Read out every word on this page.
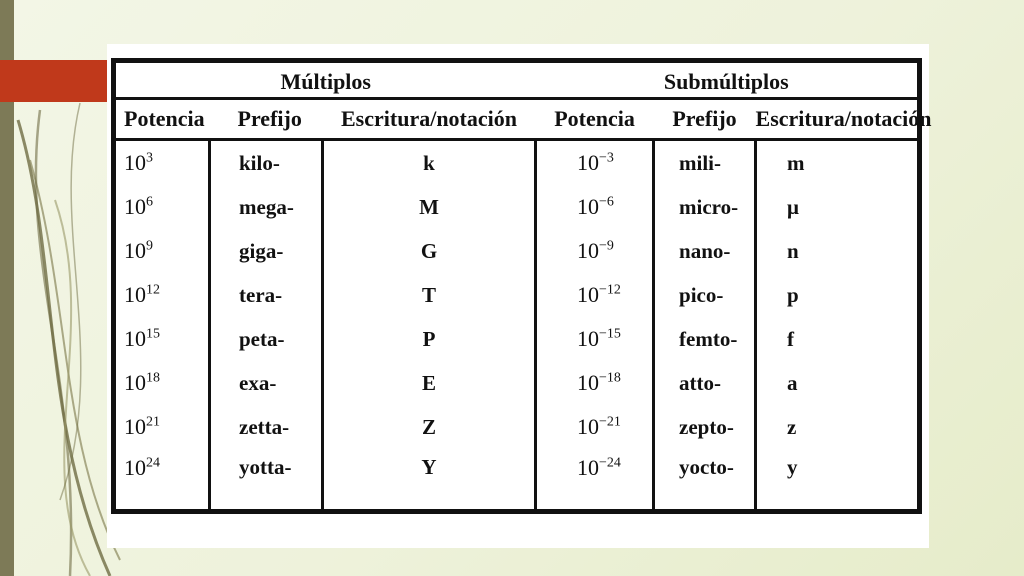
Múltiplos			Submúltiplos		
Potencia	Prefijo	Escritura/notación	Potencia	Prefijo	Escritura/notación
$10^3$	kilo-	k	$10^{-3}$	mili-	m
$10^6$	mega-	M	$10^{-6}$	micro-	μ
$10^9$	giga-	G	$10^{-9}$	nano-	n
$10^{12}$	tera-	T	$10^{-12}$	pico-	p
$10^{15}$	peta-	P	$10^{-15}$	femto-	f
$10^{18}$	exa-	E	$10^{-18}$	atto-	a
$10^{21}$	zetta-	Z	$10^{-21}$	zepto-	z
$10^{24}$	yotta-	Y	$10^{-24}$	yocto-	y
